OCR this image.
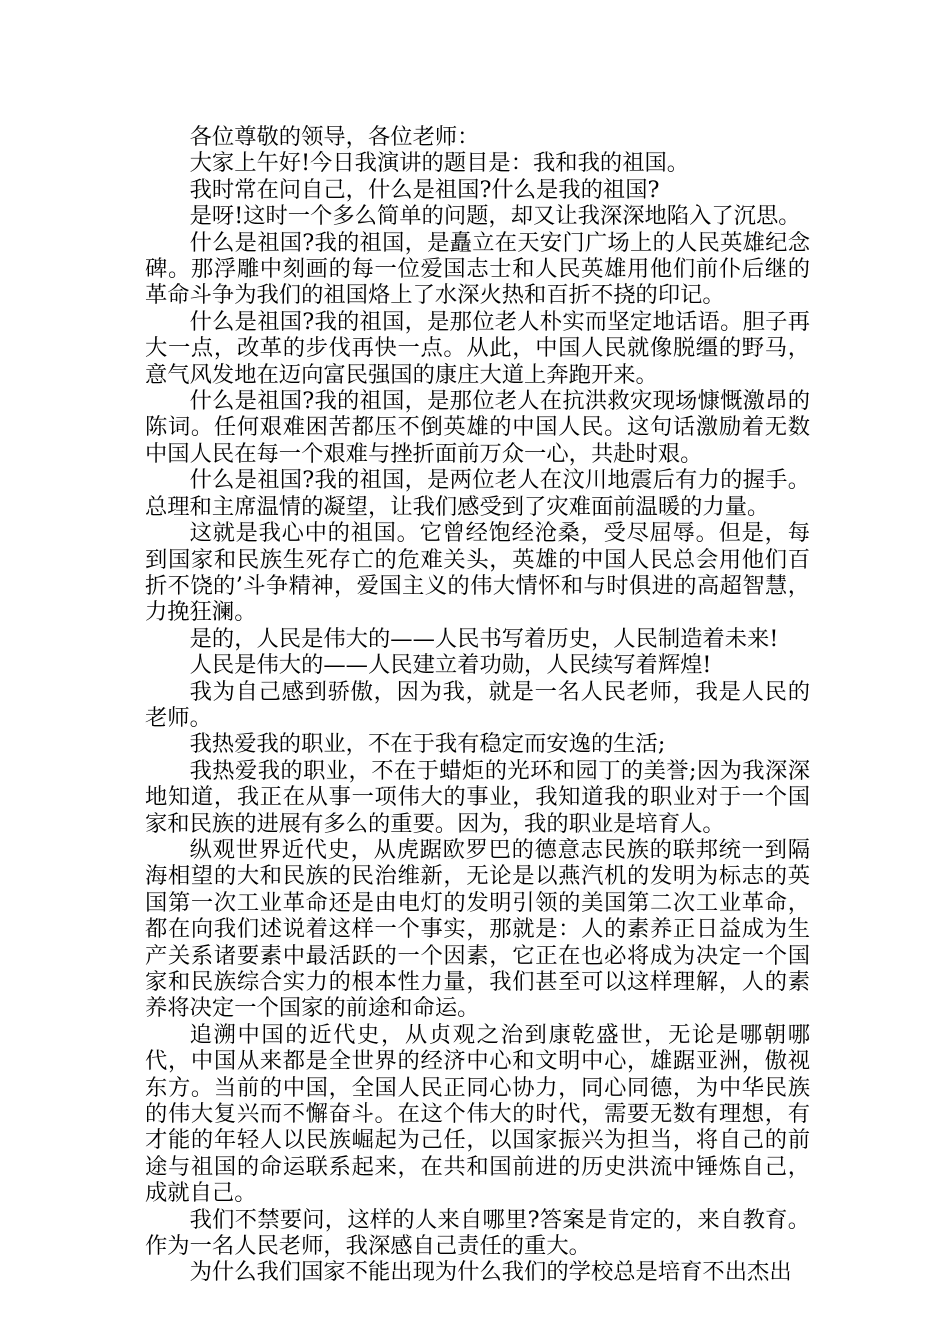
各位尊敬的领导，各位老师：

大家上午好!今日我演讲的题目是：我和我的祖国。

我时常在问自己，什么是祖国?什么是我的祖国?

是呀!这时一个多么简单的问题，却又让我深深地陷入了沉思。

什么是祖国?我的祖国，是矗立在天安门广场上的人民英雄纪念碑。那浮雕中刻画的每一位爱国志士和人民英雄用他们前仆后继的革命斗争为我们的祖国烙上了水深火热和百折不挠的印记。

什么是祖国?我的祖国，是那位老人朴实而坚定地话语。胆子再大一点，改革的步伐再快一点。从此，中国人民就像脱缰的野马，意气风发地在迈向富民强国的康庄大道上奔跑开来。

什么是祖国?我的祖国，是那位老人在抗洪救灾现场慷慨激昂的陈词。任何艰难困苦都压不倒英雄的中国人民。这句话激励着无数中国人民在每一个艰难与挫折面前万众一心，共赴时艰。

什么是祖国?我的祖国，是两位老人在汶川地震后有力的握手。总理和主席温情的凝望，让我们感受到了灾难面前温暖的力量。

这就是我心中的祖国。它曾经饱经沧桑，受尽屈辱。但是，每到国家和民族生死存亡的危难关头，英雄的中国人民总会用他们百折不饶的’斗争精神，爱国主义的伟大情怀和与时俱进的高超智慧，力挽狂澜。

是的，人民是伟大的——人民书写着历史，人民制造着未来!

人民是伟大的——人民建立着功勋，人民续写着辉煌!

我为自己感到骄傲，因为我，就是一名人民老师，我是人民的老师。

我热爱我的职业，不在于我有稳定而安逸的生活;

我热爱我的职业，不在于蜡炬的光环和园丁的美誉;因为我深深地知道，我正在从事一项伟大的事业，我知道我的职业对于一个国家和民族的进展有多么的重要。因为，我的职业是培育人。

纵观世界近代史，从虎踞欧罗巴的德意志民族的联邦统一到隔海相望的大和民族的民治维新，无论是以燕汽机的发明为标志的英国第一次工业革命还是由电灯的发明引领的美国第二次工业革命，都在向我们述说着这样一个事实，那就是：人的素养正日益成为生产关系诸要素中最活跃的一个因素，它正在也必将成为决定一个国家和民族综合实力的根本性力量，我们甚至可以这样理解，人的素养将决定一个国家的前途和命运。

追溯中国的近代史，从贞观之治到康乾盛世，无论是哪朝哪代，中国从来都是全世界的经济中心和文明中心，雄踞亚洲，傲视东方。当前的中国，全国人民正同心协力，同心同德，为中华民族的伟大复兴而不懈奋斗。在这个伟大的时代，需要无数有理想，有才能的年轻人以民族崛起为己任，以国家振兴为担当，将自己的前途与祖国的命运联系起来，在共和国前进的历史洪流中锤炼自己，成就自己。

我们不禁要问，这样的人来自哪里?答案是肯定的，来自教育。作为一名人民老师，我深感自己责任的重大。

为什么我们国家不能出现为什么我们的学校总是培育不出杰出
